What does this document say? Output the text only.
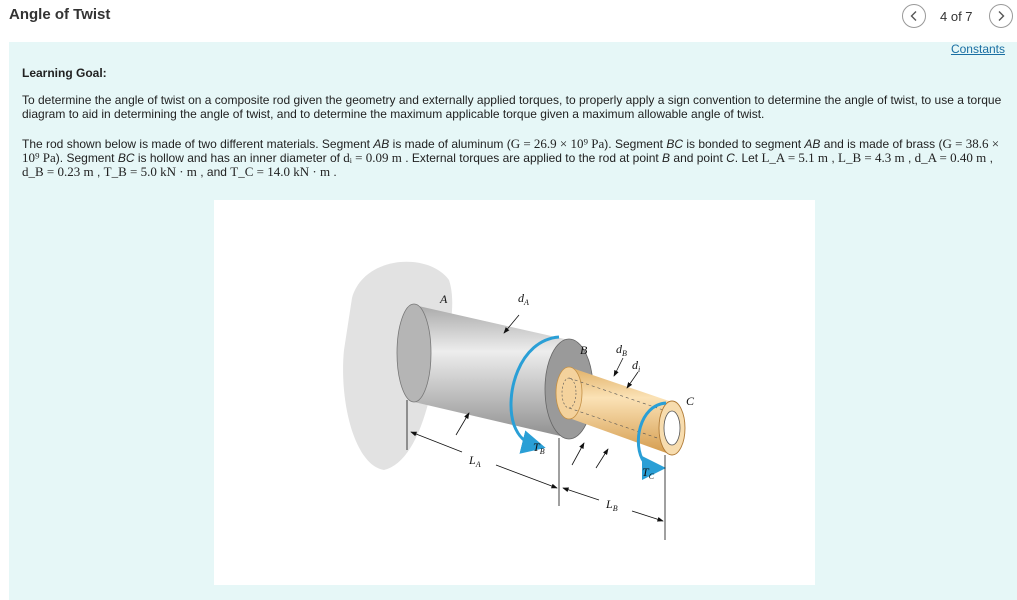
Angle of Twist	4 of 7
Constants
Learning Goal:
To determine the angle of twist on a composite rod given the geometry and externally applied torques, to properly apply a sign convention to determine the angle of twist, to use a torque diagram to aid in determining the angle of twist, and to determine the maximum applicable torque given a maximum allowable angle of twist.
The rod shown below is made of two different materials. Segment AB is made of aluminum (G = 26.9 × 10⁹ Pa). Segment BC is bonded to segment AB and is made of brass (G = 38.6 × 10⁹ Pa). Segment BC is hollow and has an inner diameter of dᵢ = 0.09 m . External torques are applied to the rod at point B and point C. Let L_A = 5.1 m , L_B = 4.3 m , d_A = 0.40 m , d_B = 0.23 m , T_B = 5.0 kN · m , and T_C = 14.0 kN · m .
A	$d_A$
B $d_B$
$d_i$
C
$L_A$
$T_B$
$T_C$
$L_B$
